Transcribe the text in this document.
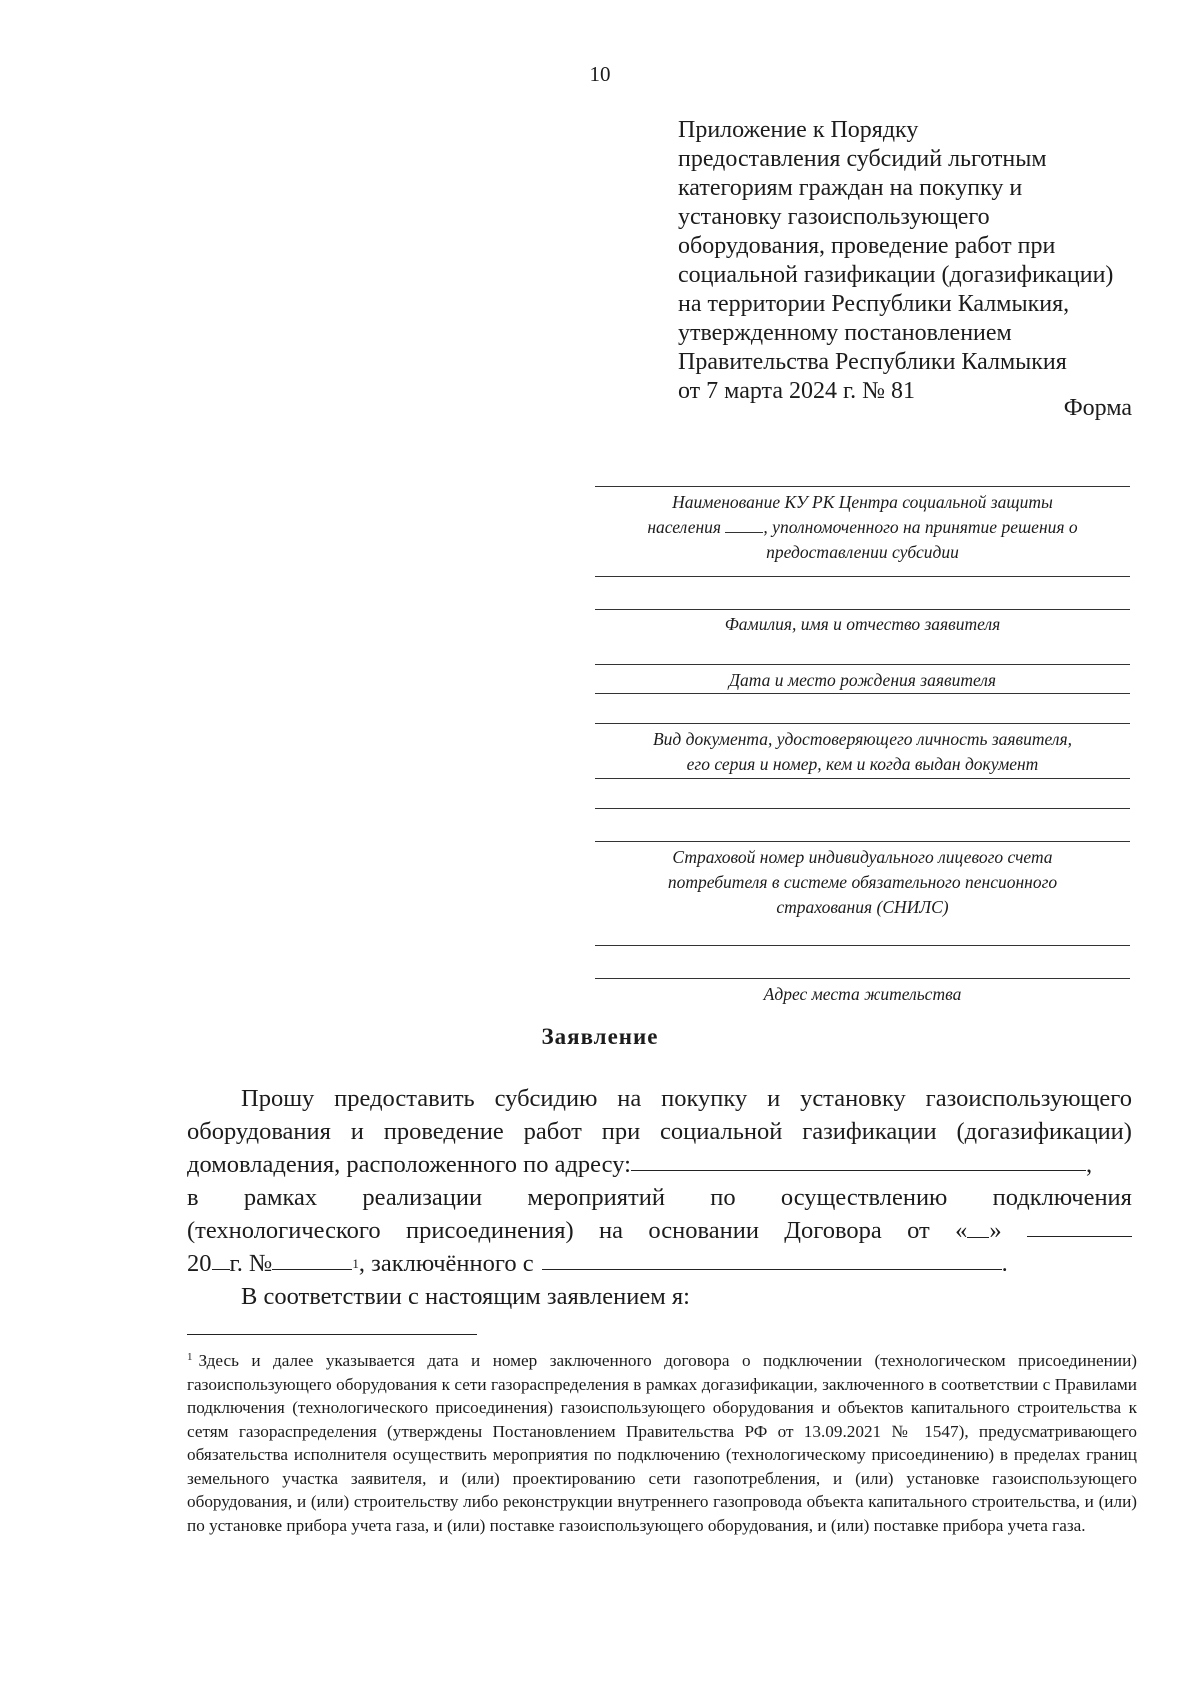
10
Приложение к Порядку
предоставления субсидий льготным
категориям граждан на покупку и
установку газоиспользующего
оборудования, проведение работ при
социальной газификации (догазификации)
на территории Республики Калмыкия,
утвержденному постановлением
Правительства Республики Калмыкия
от 7 марта 2024 г. № 81
Форма
Наименование КУ РК Центра социальной защиты
населения , уполномоченного на принятие решения о
предоставлении субсидии
Фамилия, имя и отчество заявителя
Дата и место рождения заявителя
Вид документа, удостоверяющего личность заявителя,
его серия и номер, кем и когда выдан документ
Страховой номер индивидуального лицевого счета
потребителя в системе обязательного пенсионного
страхования (СНИЛС)
Адрес места жительства
Заявление
Прошу предоставить субсидию на покупку и установку газоиспользующего
оборудования и проведение работ при социальной газификации (догазификации)
домовладения, расположенного по адресу:	,
в рамках реализации мероприятий по осуществлению подключения
(технологического присоединения) на основании Договора от « »
20 г. №	$_1$ , заключённого с	.
В соответствии с настоящим заявлением я:
$^1$ Здесь и далее указывается дата и номер заключенного договора о подключении (технологическом присоединении) газоиспользующего оборудования к сети газораспределения в рамках догазификации, заключенного в соответствии с Правилами подключения (технологического присоединения) газоиспользующего оборудования и объектов капитального строительства к сетям газораспределения (утверждены Постановлением Правительства РФ от 13.09.2021 № 1547), предусматривающего обязательства исполнителя осуществить мероприятия по подключению (технологическому присоединению) в пределах границ земельного участка заявителя, и (или) проектированию сети газопотребления, и (или) установке газоиспользующего оборудования, и (или) строительству либо реконструкции внутреннего газопровода объекта капитального строительства, и (или) по установке прибора учета газа, и (или) поставке газоиспользующего оборудования, и (или) поставке прибора учета газа.
